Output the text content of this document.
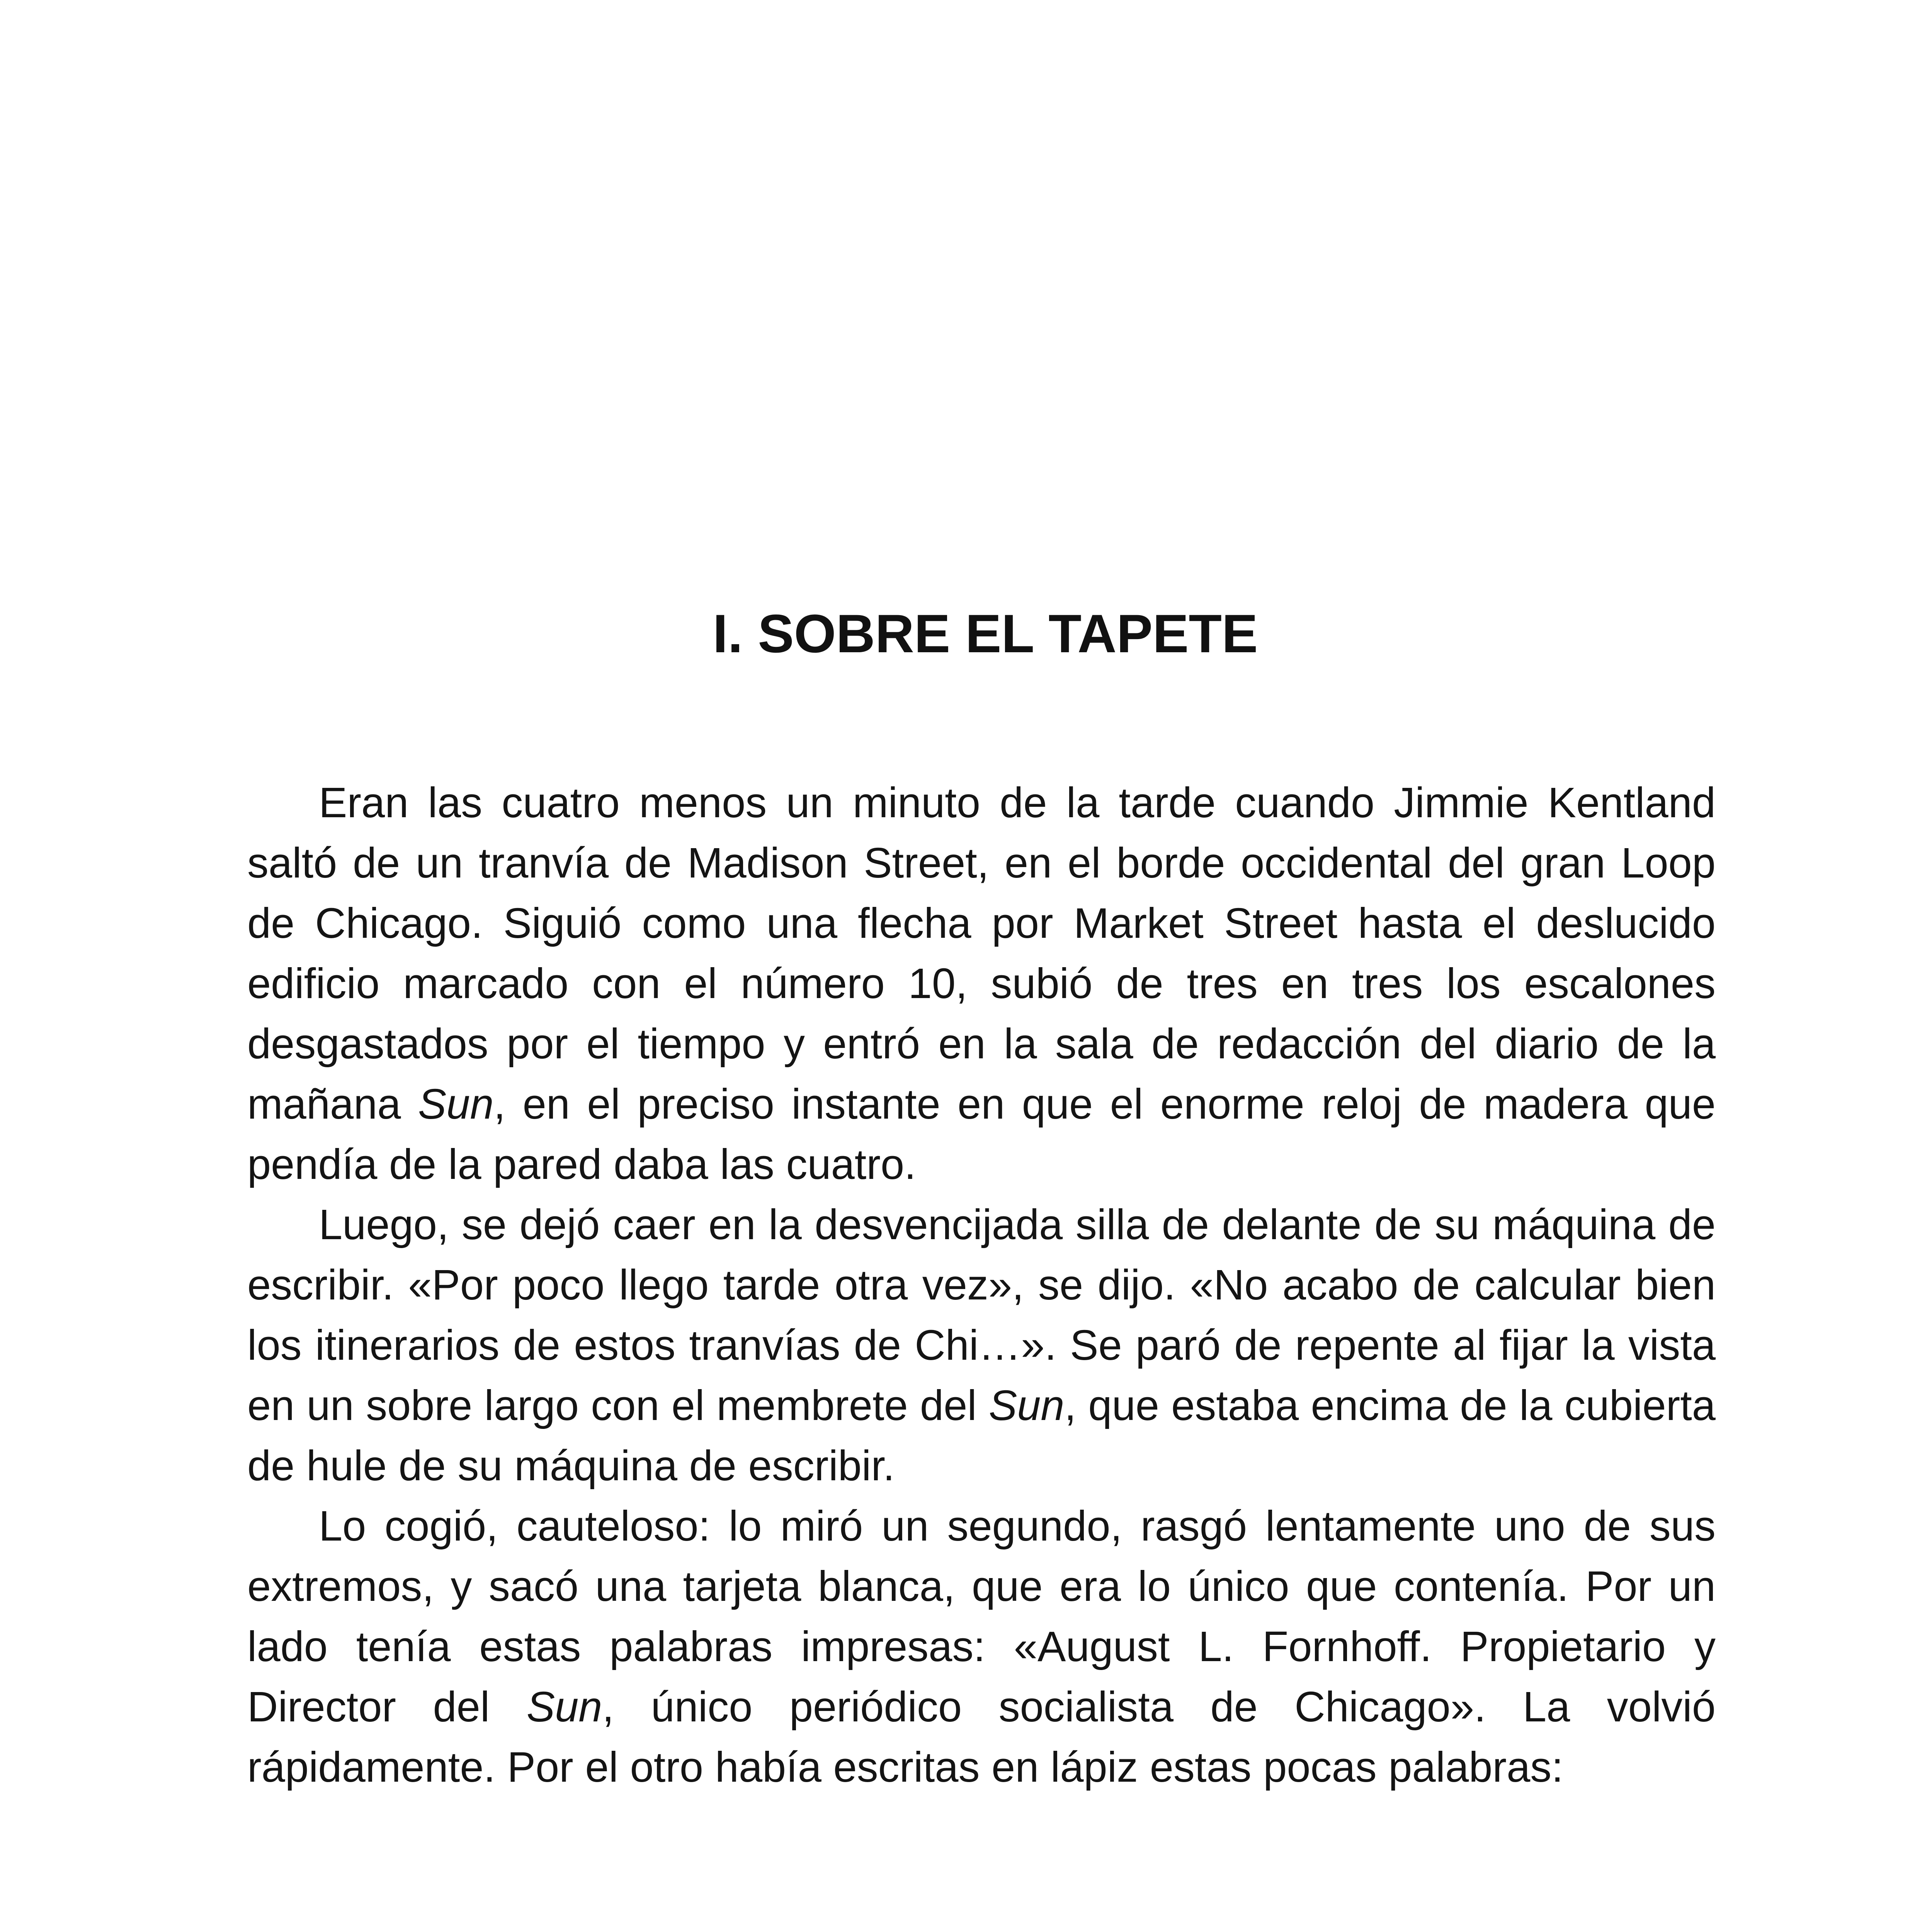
I. SOBRE EL TAPETE

Eran las cuatro menos un minuto de la tarde cuando Jimmie Kentland saltó de un tranvía de Madison Street, en el borde occidental del gran Loop de Chicago. Siguió como una flecha por Market Street hasta el deslucido edificio marcado con el número 10, subió de tres en tres los escalones desgastados por el tiempo y entró en la sala de redacción del diario de la mañana Sun, en el preciso instante en que el enorme reloj de madera que pendía de la pared daba las cuatro.

Luego, se dejó caer en la desvencijada silla de delante de su máquina de escribir. «Por poco llego tarde otra vez», se dijo. «No acabo de calcular bien los itinerarios de estos tranvías de Chi…». Se paró de repente al fijar la vista en un sobre largo con el membrete del Sun, que estaba encima de la cubierta de hule de su máquina de escribir.

Lo cogió, cauteloso: lo miró un segundo, rasgó lentamente uno de sus extremos, y sacó una tarjeta blanca, que era lo único que contenía. Por un lado tenía estas palabras impresas: «August L. Fornhoff. Propietario y Director del Sun, único periódico socialista de Chicago». La volvió rápidamente. Por el otro había escritas en lápiz estas pocas palabras:
